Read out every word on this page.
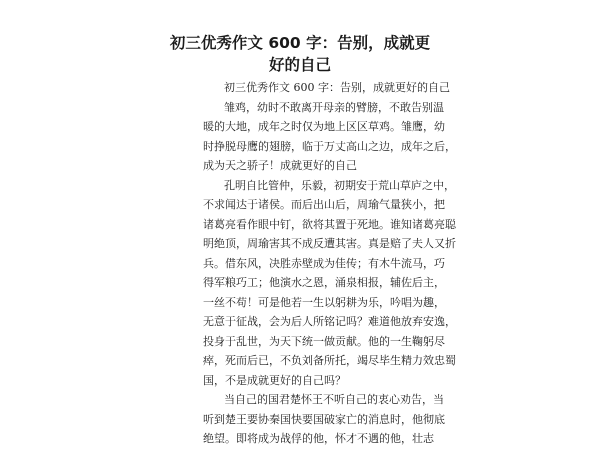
初三优秀作文 600 字：告别，成就更
好的自己
初三优秀作文 600 字：告别，成就更好的自己
雏鸡，幼时不敢离开母亲的臂膀，不敢告别温
暖的大地，成年之时仅为地上区区草鸡。雏鹰，幼
时挣脱母鹰的翅膀，临于万丈高山之边，成年之后，
成为天之骄子！成就更好的自己
孔明自比管仲，乐毅，初期安于荒山草庐之中，
不求闻达于诸侯。而后出山后，周瑜气量狭小，把
诸葛亮看作眼中钉，欲将其置于死地。谁知诸葛亮聪
明绝顶，周瑜害其不成反遭其害。真是赔了夫人又折
兵。借东风，决胜赤壁成为佳传；有木牛流马，巧
得军粮巧工；他演水之恩，涌泉相报，辅佐后主，
一丝不苟！可是他若一生以躬耕为乐，吟唱为趣，
无意于征战，会为后人所铭记吗？难道他放弃安逸，
投身于乱世，为天下统一做贡献。他的一生鞠躬尽
瘁，死而后已，不负刘备所托，竭尽毕生精力效忠蜀
国，不是成就更好的自己吗？
当自己的国君楚怀王不听自己的衷心劝告，当
听到楚王要协秦国快要国破家亡的消息时，他彻底
绝望。即将成为战俘的他，怀才不遇的他，壮志
